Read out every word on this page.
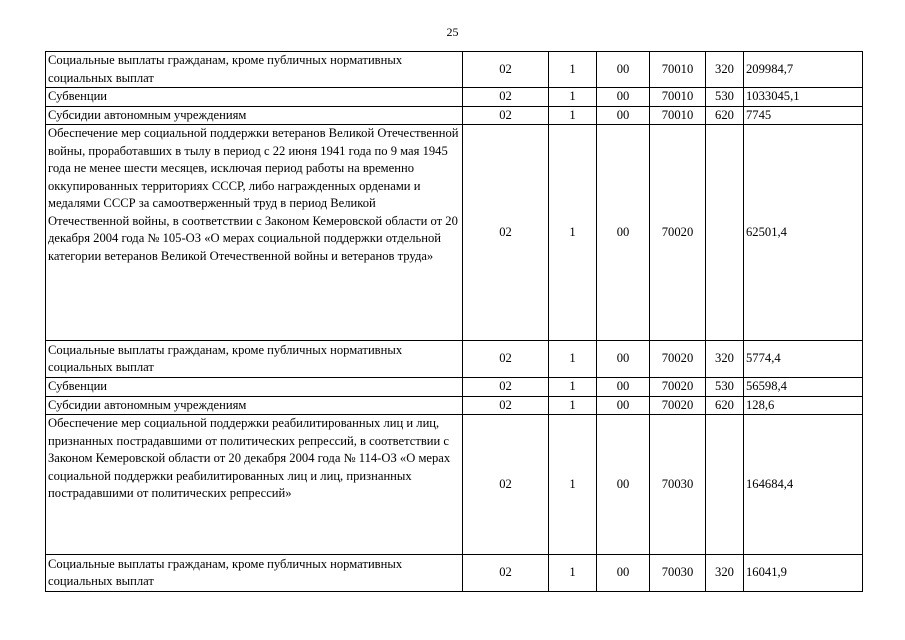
25
Социальные выплаты гражданам, кроме публичных нормативных социальных выплат	02	1	00	70010	320	209984,7
Субвенции	02	1	00	70010	530	1033045,1
Субсидии автономным учреждениям	02	1	00	70010	620	7745
Обеспечение мер социальной поддержки ветеранов Великой Отечественной войны, проработавших в тылу в период с 22 июня 1941 года по 9 мая 1945 года не менее шести месяцев, исключая период работы на временно оккупированных территориях СССР, либо награжденных орденами и медалями СССР за самоотверженный труд в период Великой Отечественной войны, в соответствии с Законом Кемеровской области от 20 декабря 2004 года № 105-ОЗ «О мерах социальной поддержки отдельной категории ветеранов Великой Отечественной войны и ветеранов труда»	02	1	00	70020		62501,4
Социальные выплаты гражданам, кроме публичных нормативных социальных выплат	02	1	00	70020	320	5774,4
Субвенции	02	1	00	70020	530	56598,4
Субсидии автономным учреждениям	02	1	00	70020	620	128,6
Обеспечение мер социальной поддержки реабилитированных лиц и лиц, признанных пострадавшими от политических репрессий, в соответствии с Законом Кемеровской области от 20 декабря 2004 года № 114-ОЗ «О мерах социальной поддержки реабилитированных лиц и лиц, признанных пострадавшими от политических репрессий»	02	1	00	70030		164684,4
Социальные выплаты гражданам, кроме публичных нормативных социальных выплат	02	1	00	70030	320	16041,9
